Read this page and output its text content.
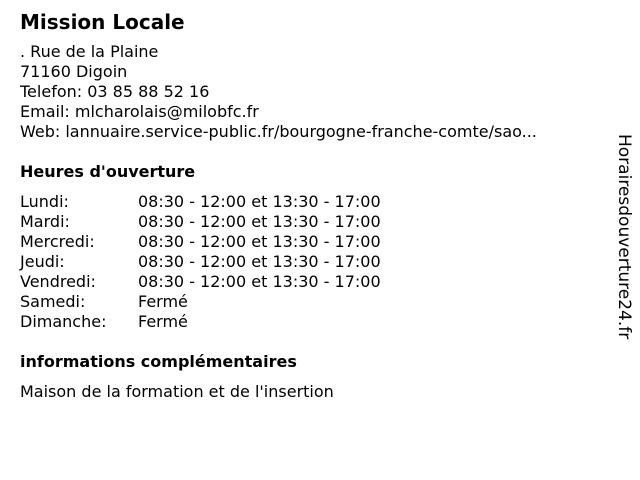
Mission Locale
. Rue de la Plaine
71160 Digoin
Telefon: 03 85 88 52 16
Email: mlcharolais@milobfc.fr
Web: lannuaire.service-public.fr/bourgogne-franche-comte/sao...
Heures d'ouverture
Lundi:	08:30 - 12:00 et 13:30 - 17:00
Mardi:	08:30 - 12:00 et 13:30 - 17:00
Mercredi:	08:30 - 12:00 et 13:30 - 17:00
Jeudi:	08:30 - 12:00 et 13:30 - 17:00
Vendredi:	08:30 - 12:00 et 13:30 - 17:00
Samedi:	Fermé
Dimanche:	Fermé
informations complémentaires
Maison de la formation et de l'insertion
Horairesdouverture24.fr
